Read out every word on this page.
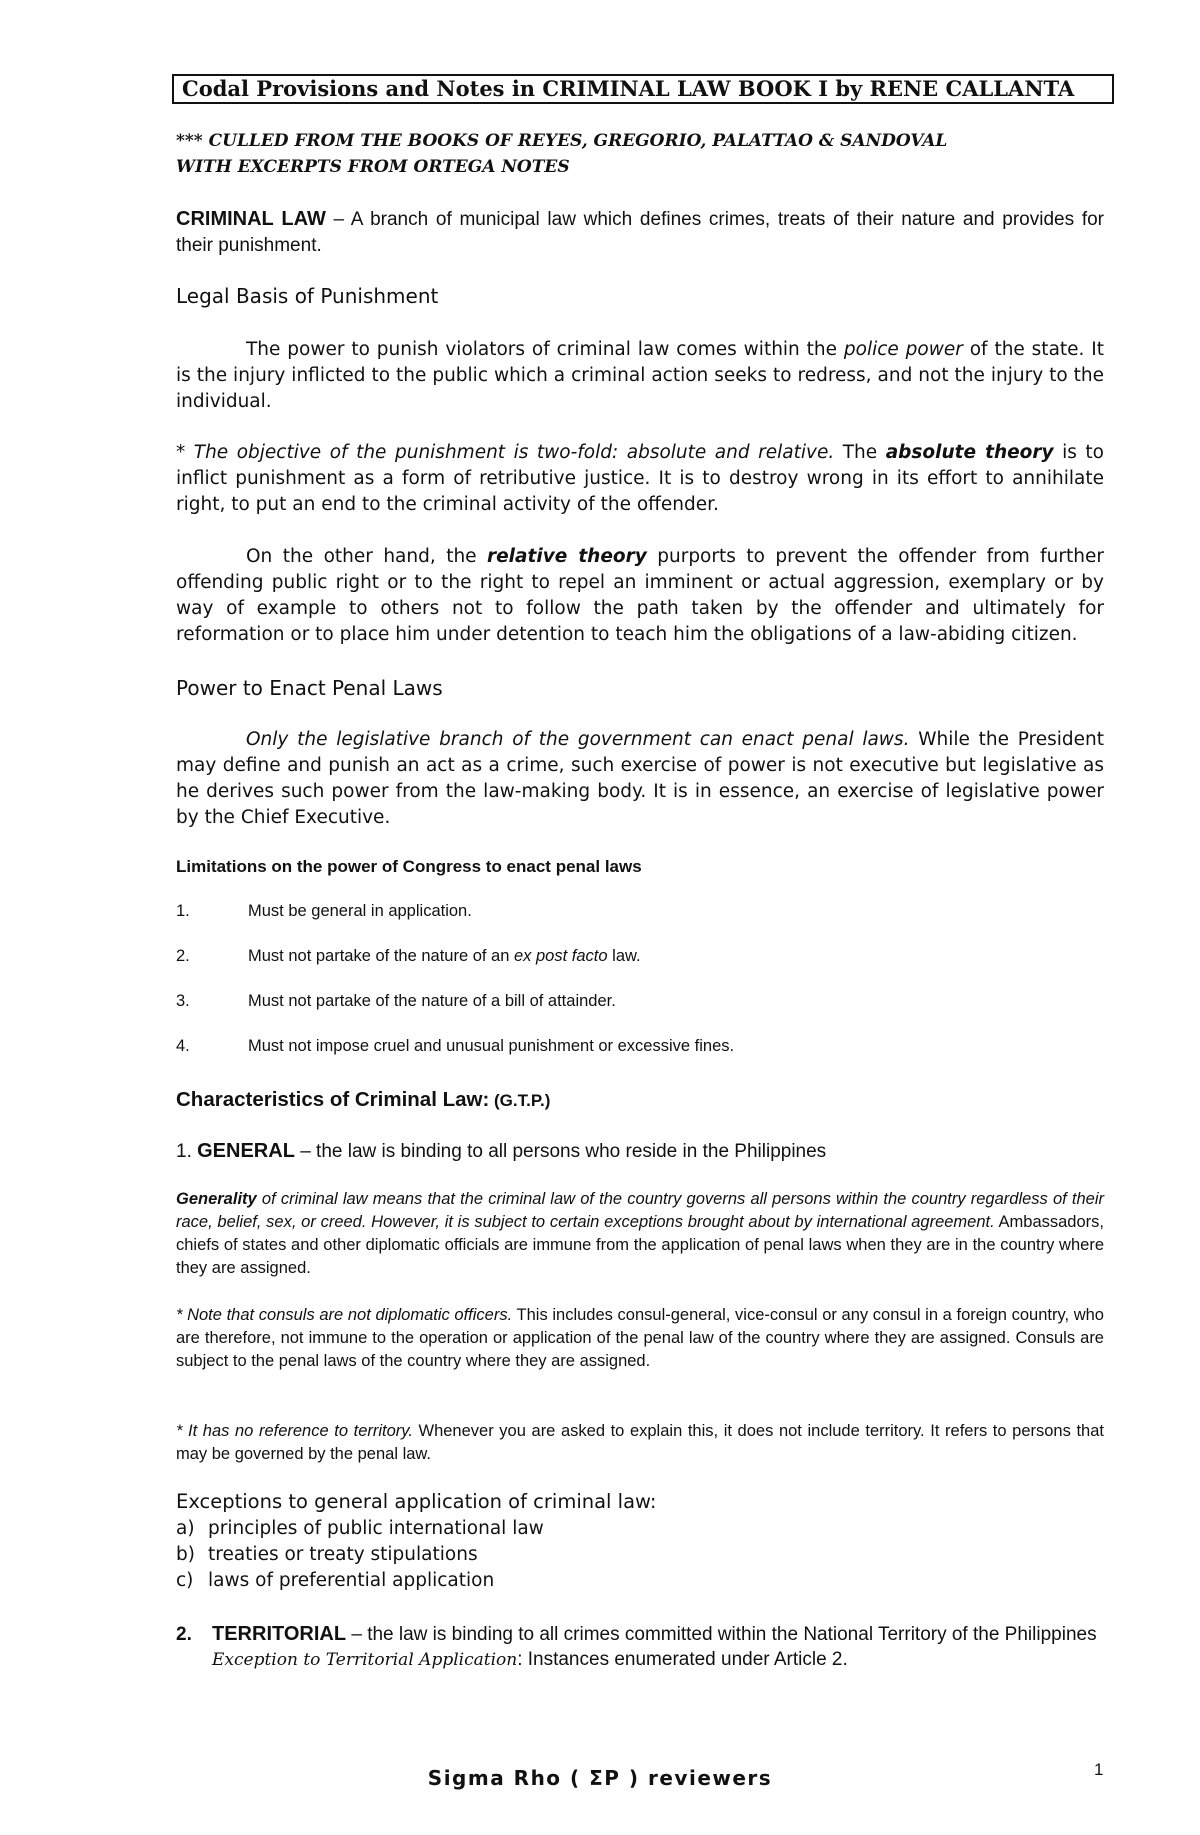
Codal Provisions and Notes in CRIMINAL LAW BOOK I by RENE CALLANTA
*** CULLED FROM THE BOOKS OF REYES, GREGORIO, PALATTAO & SANDOVAL
WITH EXCERPTS FROM ORTEGA NOTES
CRIMINAL LAW – A branch of municipal law which defines crimes, treats of their nature and provides for their punishment.
Legal Basis of Punishment
The power to punish violators of criminal law comes within the police power of the state. It is the injury inflicted to the public which a criminal action seeks to redress, and not the injury to the individual.
* The objective of the punishment is two-fold: absolute and relative. The absolute theory is to inflict punishment as a form of retributive justice. It is to destroy wrong in its effort to annihilate right, to put an end to the criminal activity of the offender.
On the other hand, the relative theory purports to prevent the offender from further offending public right or to the right to repel an imminent or actual aggression, exemplary or by way of example to others not to follow the path taken by the offender and ultimately for reformation or to place him under detention to teach him the obligations of a law-abiding citizen.
Power to Enact Penal Laws
Only the legislative branch of the government can enact penal laws. While the President may define and punish an act as a crime, such exercise of power is not executive but legislative as he derives such power from the law-making body. It is in essence, an exercise of legislative power by the Chief Executive.
Limitations on the power of Congress to enact penal laws
1.	Must be general in application.
2.	Must not partake of the nature of an ex post facto law.
3.	Must not partake of the nature of a bill of attainder.
4.	Must not impose cruel and unusual punishment or excessive fines.
Characteristics of Criminal Law: (G.T.P.)
1. GENERAL – the law is binding to all persons who reside in the Philippines
Generality of criminal law means that the criminal law of the country governs all persons within the country regardless of their race, belief, sex, or creed. However, it is subject to certain exceptions brought about by international agreement. Ambassadors, chiefs of states and other diplomatic officials are immune from the application of penal laws when they are in the country where they are assigned.
* Note that consuls are not diplomatic officers. This includes consul-general, vice-consul or any consul in a foreign country, who are therefore, not immune to the operation or application of the penal law of the country where they are assigned. Consuls are subject to the penal laws of the country where they are assigned.
* It has no reference to territory. Whenever you are asked to explain this, it does not include territory. It refers to persons that may be governed by the penal law.
Exceptions to general application of criminal law:
a) principles of public international law
b) treaties or treaty stipulations
c) laws of preferential application
2. TERRITORIAL – the law is binding to all crimes committed within the National Territory of the Philippines
Exception to Territorial Application: Instances enumerated under Article 2.
Sigma Rho ( ΣP ) reviewers	1
